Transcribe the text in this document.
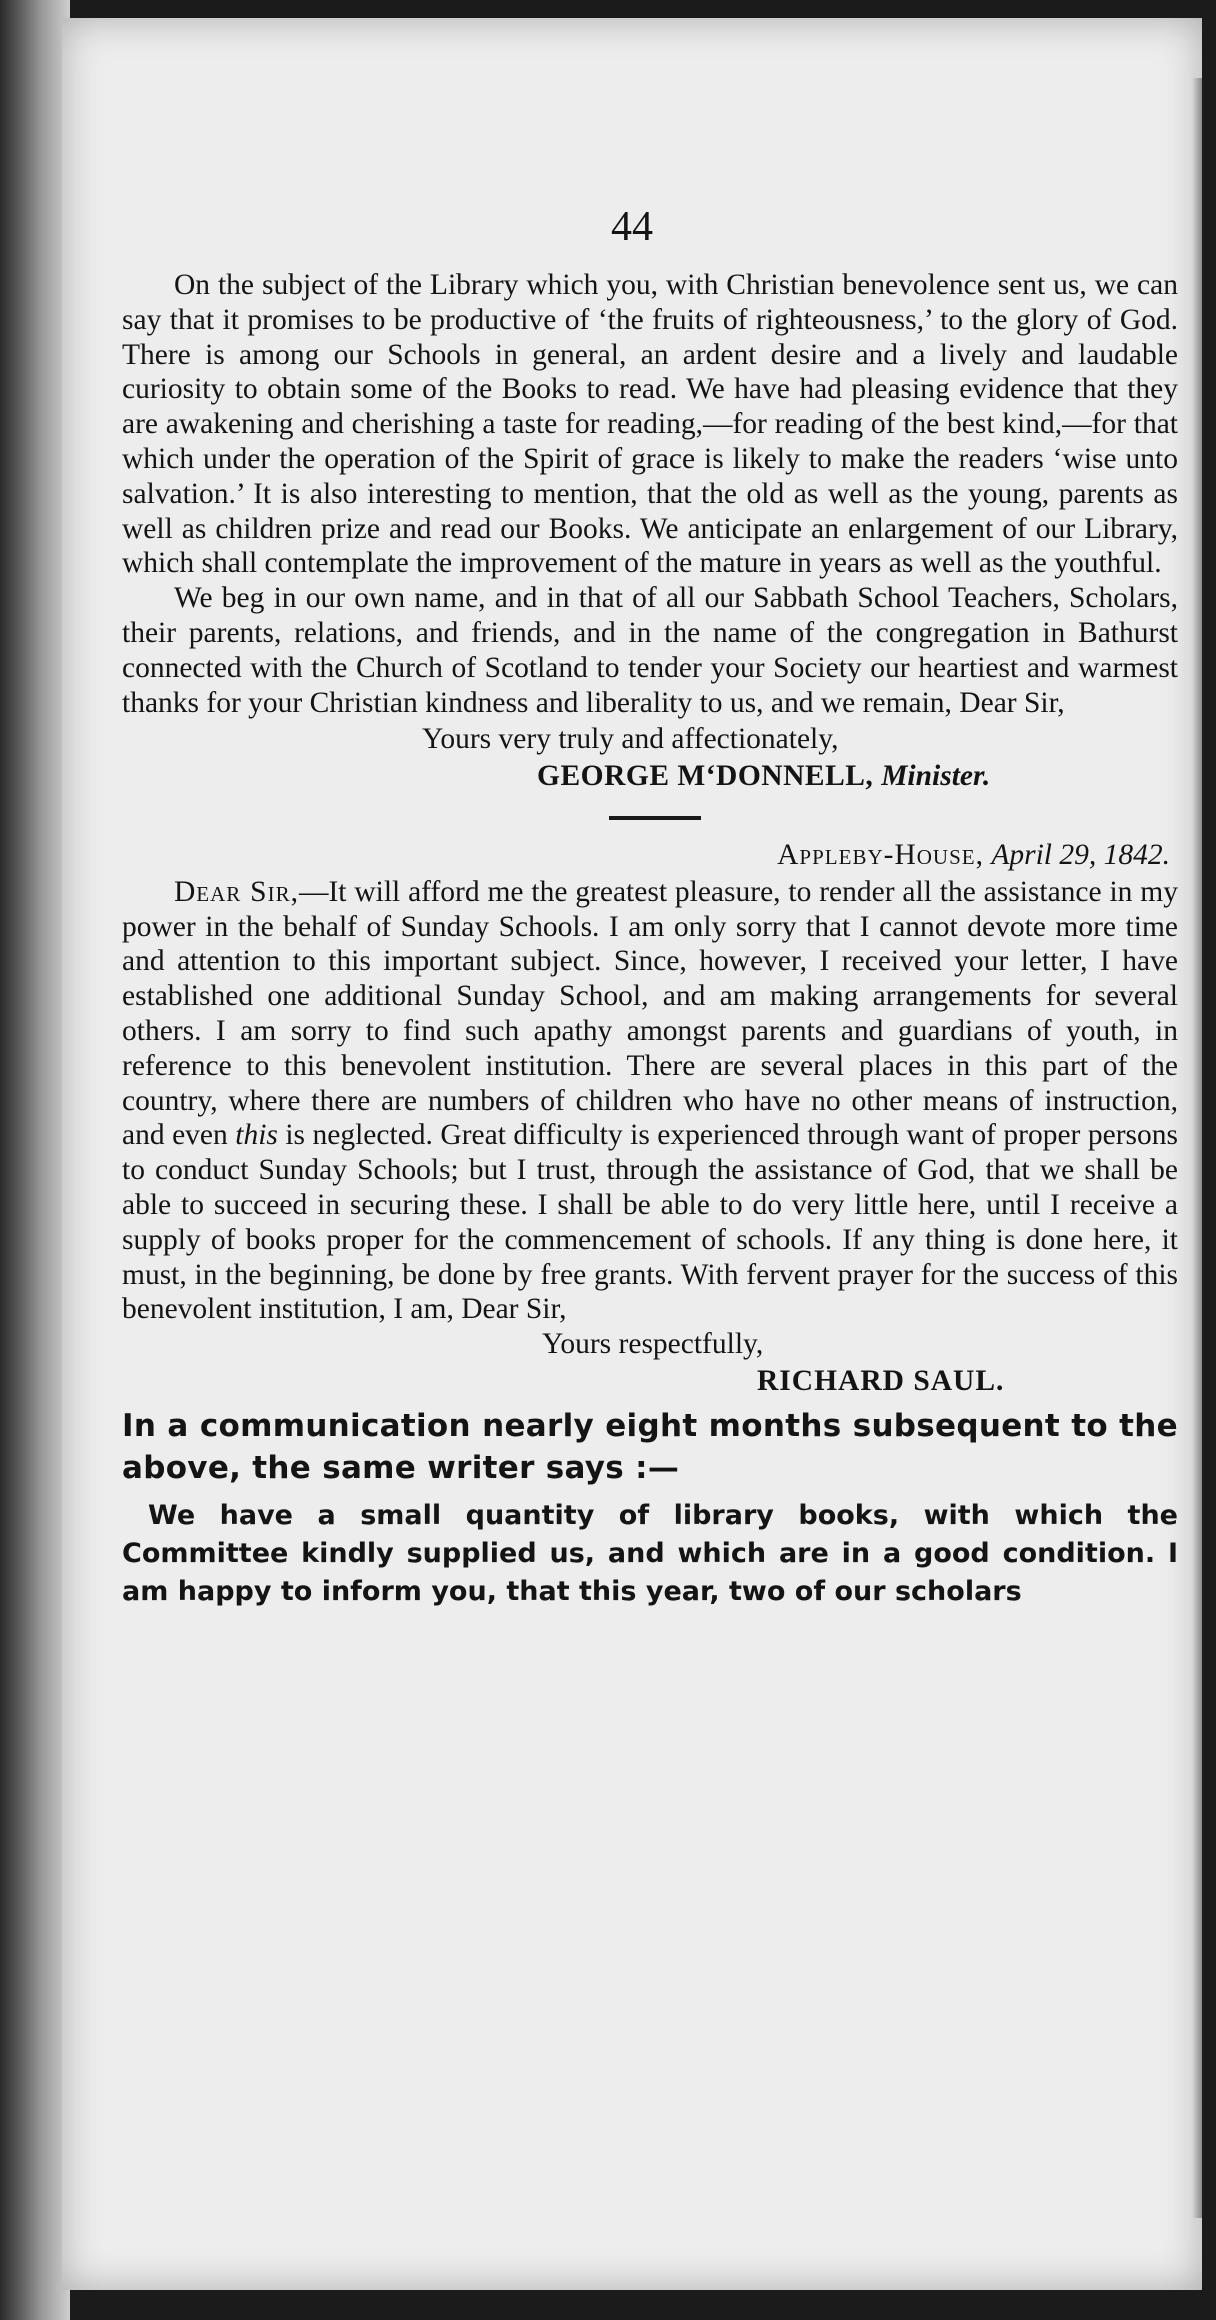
44

On the subject of the Library which you, with Christian benevolence sent us, we can say that it promises to be productive of ‘the fruits of righteousness,’ to the glory of God. There is among our Schools in general, an ardent desire and a lively and laudable curiosity to obtain some of the Books to read. We have had pleasing evidence that they are awakening and cherishing a taste for reading,—for reading of the best kind,—for that which under the operation of the Spirit of grace is likely to make the readers ‘wise unto salvation.’ It is also interesting to mention, that the old as well as the young, parents as well as children prize and read our Books. We anticipate an enlargement of our Library, which shall contemplate the improvement of the mature in years as well as the youthful.

We beg in our own name, and in that of all our Sabbath School Teachers, Scholars, their parents, relations, and friends, and in the name of the congregation in Bathurst connected with the Church of Scotland to tender your Society our heartiest and warmest thanks for your Christian kindness and liberality to us, and we remain, Dear Sir,

Yours very truly and affectionately,

GEORGE M‘DONNELL, Minister.

Appleby-House, April 29, 1842.

Dear Sir,—It will afford me the greatest pleasure, to render all the assistance in my power in the behalf of Sunday Schools. I am only sorry that I cannot devote more time and attention to this important subject. Since, however, I received your letter, I have established one additional Sunday School, and am making arrangements for several others. I am sorry to find such apathy amongst parents and guardians of youth, in reference to this benevolent institution. There are several places in this part of the country, where there are numbers of children who have no other means of instruction, and even this is neglected. Great difficulty is experienced through want of proper persons to conduct Sunday Schools; but I trust, through the assistance of God, that we shall be able to succeed in securing these. I shall be able to do very little here, until I receive a supply of books proper for the commencement of schools. If any thing is done here, it must, in the beginning, be done by free grants. With fervent prayer for the success of this benevolent institution, I am, Dear Sir,

Yours respectfully,

RICHARD SAUL.

In a communication nearly eight months subsequent to the above, the same writer says :—

We have a small quantity of library books, with which the Committee kindly supplied us, and which are in a good condition. I am happy to inform you, that this year, two of our scholars
